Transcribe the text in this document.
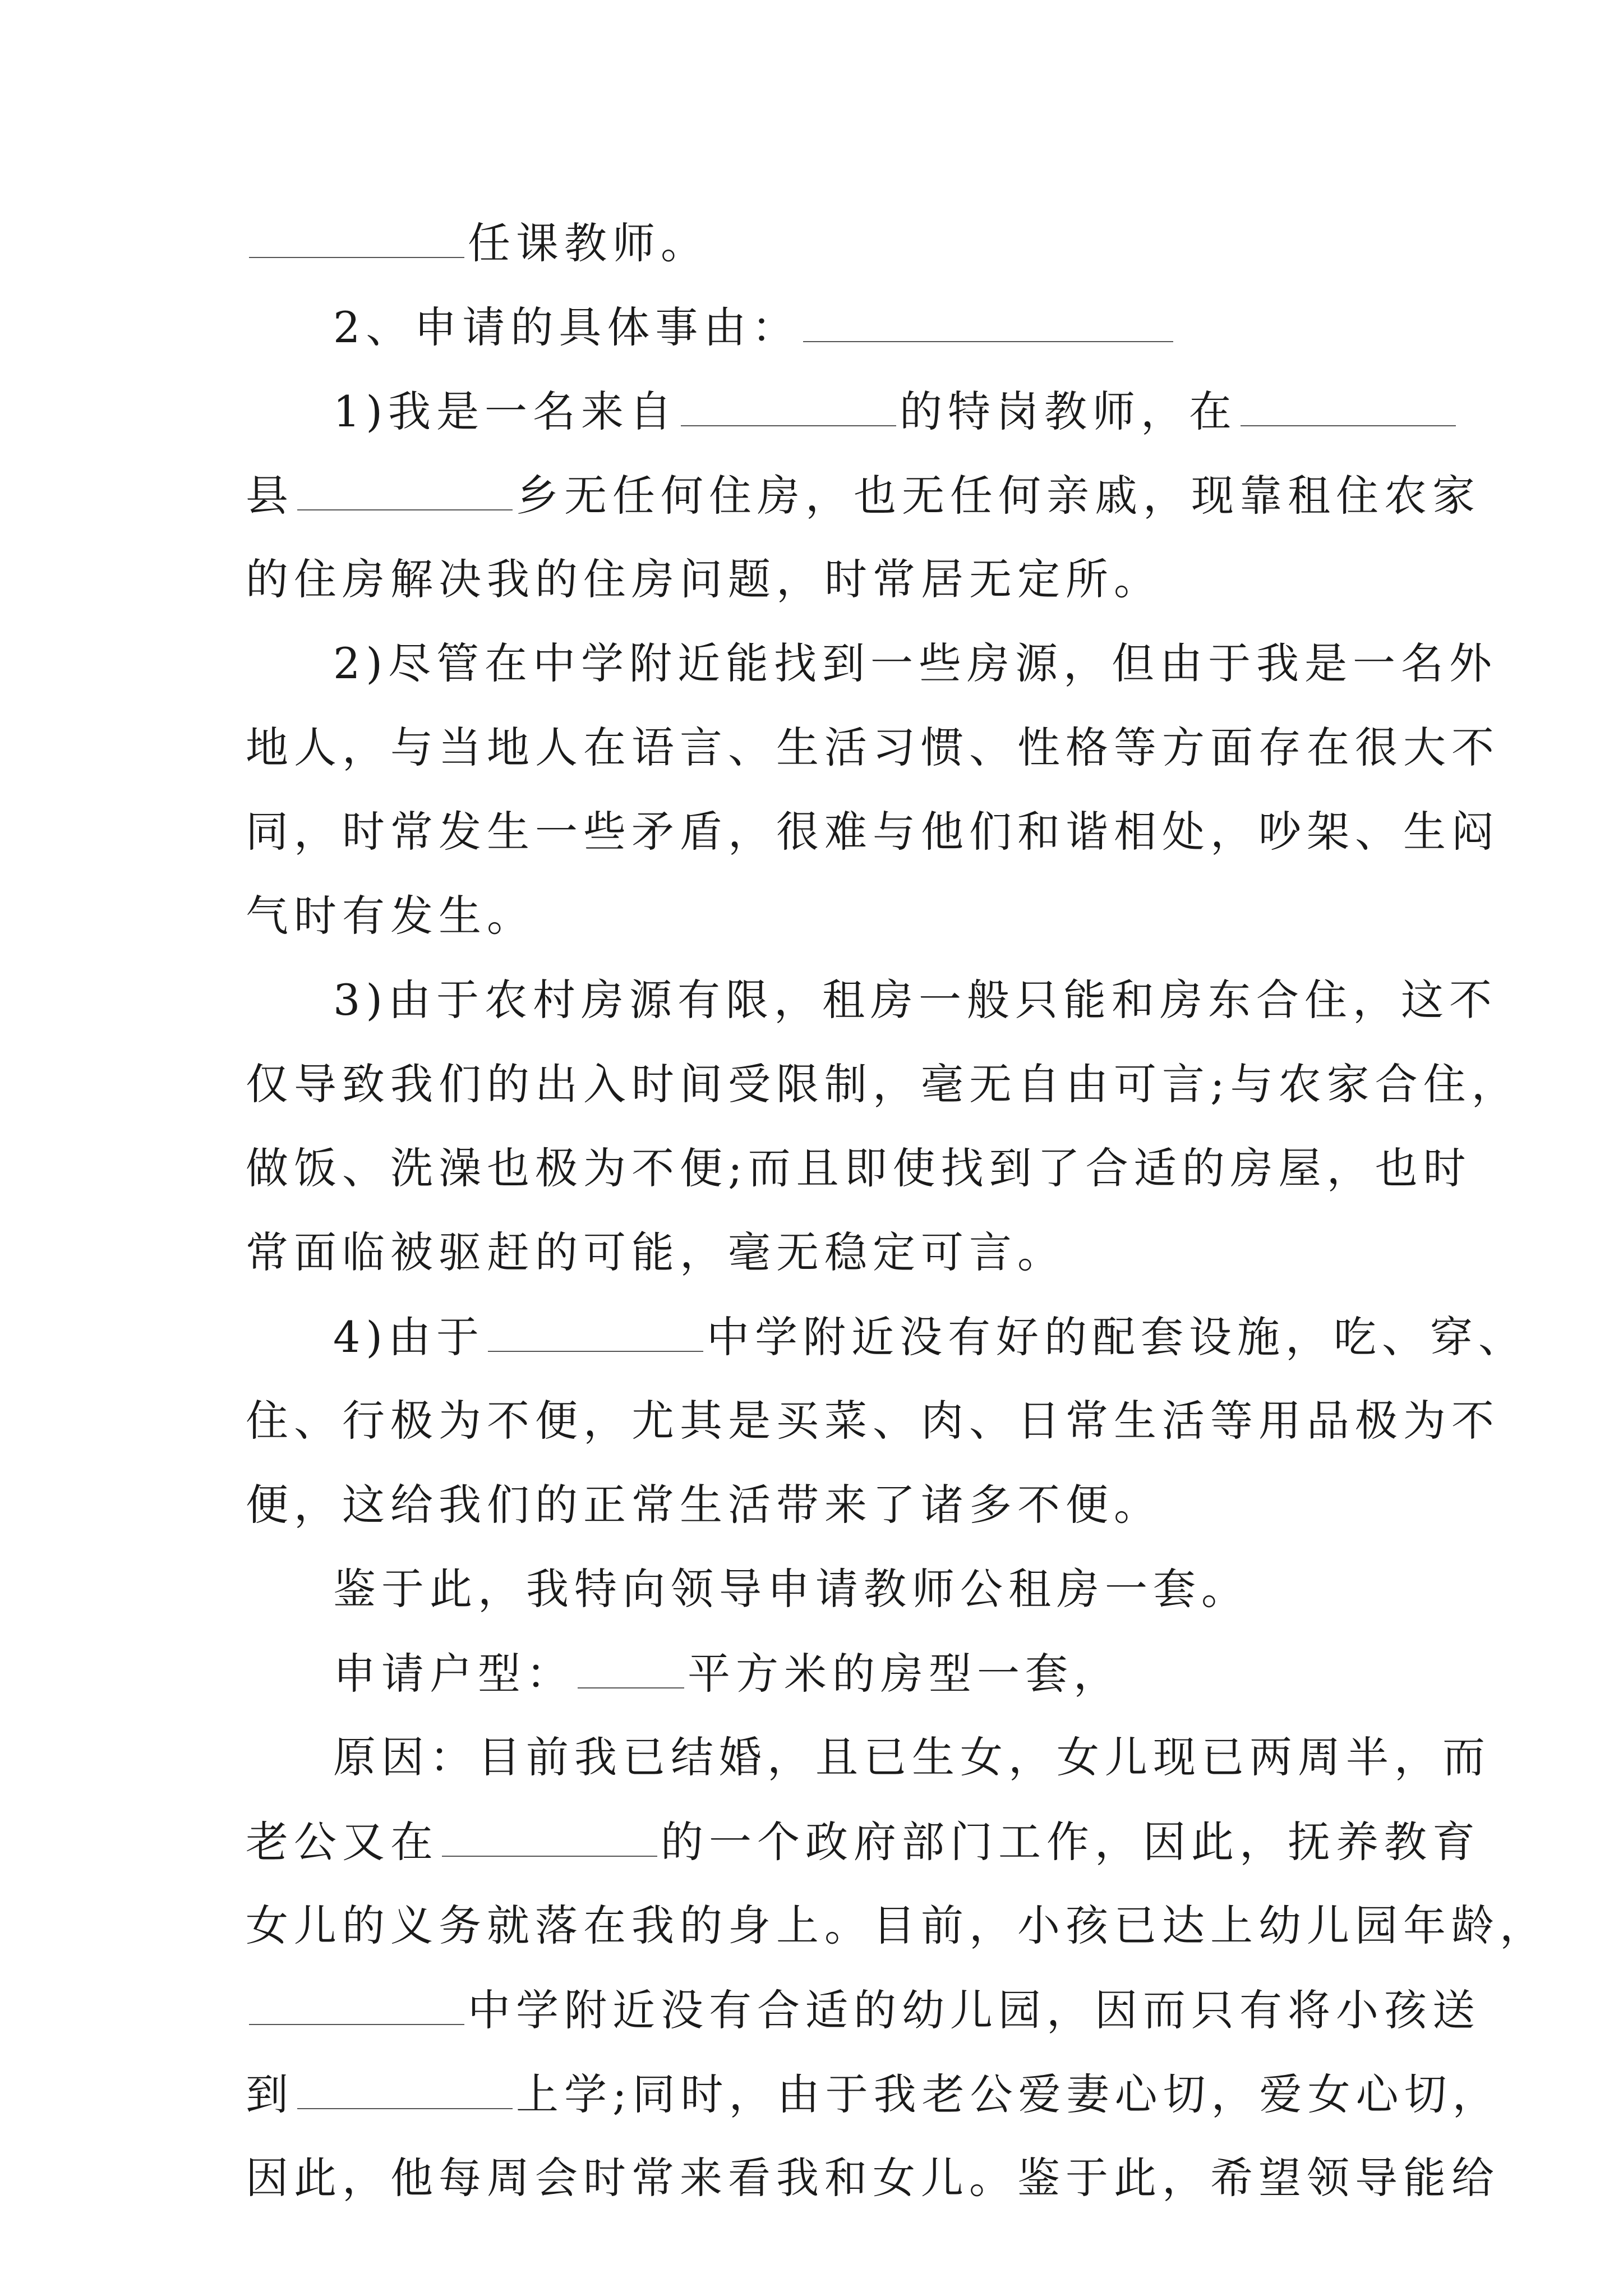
任课教师。
2、申请的具体事由：
1)我是一名来自	的特岗教师，在
县	乡无任何住房，也无任何亲戚，现靠租住农家
的住房解决我的住房问题，时常居无定所。
2)尽管在中学附近能找到一些房源，但由于我是一名外
地人，与当地人在语言、生活习惯、性格等方面存在很大不
同，时常发生一些矛盾，很难与他们和谐相处，吵架、生闷
气时有发生。
3)由于农村房源有限，租房一般只能和房东合住，这不
仅导致我们的出入时间受限制，毫无自由可言;与农家合住，
做饭、洗澡也极为不便;而且即使找到了合适的房屋，也时
常面临被驱赶的可能，毫无稳定可言。
4)由于	中学附近没有好的配套设施，吃、穿、
住、行极为不便，尤其是买菜、肉、日常生活等用品极为不
便，这给我们的正常生活带来了诸多不便。
鉴于此，我特向领导申请教师公租房一套。
申请户型：	平方米的房型一套，
原因：目前我已结婚，且已生女，女儿现已两周半，而
老公又在	的一个政府部门工作，因此，抚养教育
女儿的义务就落在我的身上。目前，小孩已达上幼儿园年龄，
中学附近没有合适的幼儿园，因而只有将小孩送
到	上学;同时，由于我老公爱妻心切，爱女心切，
因此，他每周会时常来看我和女儿。鉴于此，希望领导能给
